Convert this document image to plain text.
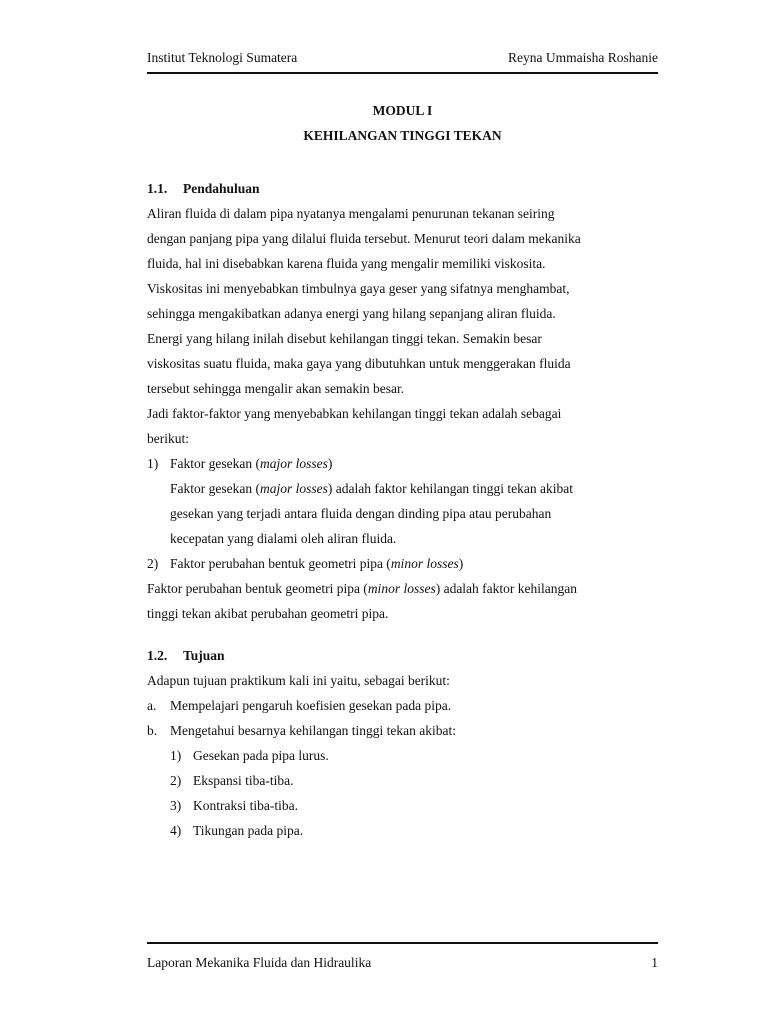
Institut Teknologi Sumatera	Reyna Ummaisha Roshanie
MODUL I
KEHILANGAN TINGGI TEKAN
1.1.	Pendahuluan
Aliran fluida di dalam pipa nyatanya mengalami penurunan tekanan seiring
dengan panjang pipa yang dilalui fluida tersebut. Menurut teori dalam mekanika
fluida, hal ini disebabkan karena fluida yang mengalir memiliki viskosita.
Viskositas ini menyebabkan timbulnya gaya geser yang sifatnya menghambat,
sehingga mengakibatkan adanya energi yang hilang sepanjang aliran fluida.
Energi yang hilang inilah disebut kehilangan tinggi tekan. Semakin besar
viskositas suatu fluida, maka gaya yang dibutuhkan untuk menggerakan fluida
tersebut sehingga mengalir akan semakin besar.
Jadi faktor-faktor yang menyebabkan kehilangan tinggi tekan adalah sebagai
berikut:
1) Faktor gesekan (major losses)
Faktor gesekan (major losses) adalah faktor kehilangan tinggi tekan akibat
gesekan yang terjadi antara fluida dengan dinding pipa atau perubahan
kecepatan yang dialami oleh aliran fluida.
2) Faktor perubahan bentuk geometri pipa (minor losses)
Faktor perubahan bentuk geometri pipa (minor losses) adalah faktor kehilangan
tinggi tekan akibat perubahan geometri pipa.
1.2.	Tujuan
Adapun tujuan praktikum kali ini yaitu, sebagai berikut:
a.	Mempelajari pengaruh koefisien gesekan pada pipa.
b. Mengetahui besarnya kehilangan tinggi tekan akibat:
1) Gesekan pada pipa lurus.
2) Ekspansi tiba-tiba.
3) Kontraksi tiba-tiba.
4) Tikungan pada pipa.
Laporan Mekanika Fluida dan Hidraulika	1
